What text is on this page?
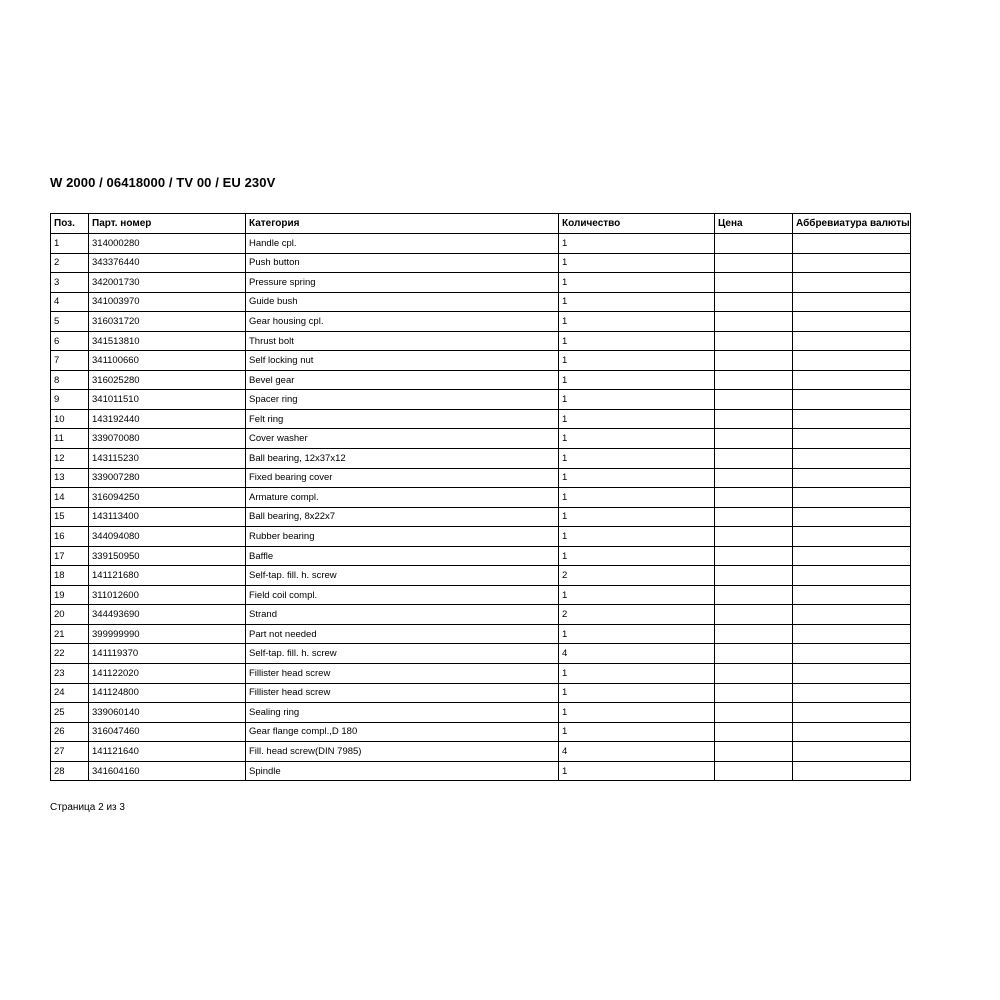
W 2000 / 06418000 / TV 00 / EU 230V
Поз.	Парт. номер	Категория	Количество	Цена	Аббревиатура валюты
1	314000280	Handle cpl.	1		
2	343376440	Push button	1		
3	342001730	Pressure spring	1		
4	341003970	Guide bush	1		
5	316031720	Gear housing cpl.	1		
6	341513810	Thrust bolt	1		
7	341100660	Self locking nut	1		
8	316025280	Bevel gear	1		
9	341011510	Spacer ring	1		
10	143192440	Felt ring	1		
11	339070080	Cover washer	1		
12	143115230	Ball bearing, 12x37x12	1		
13	339007280	Fixed bearing cover	1		
14	316094250	Armature compl.	1		
15	143113400	Ball bearing, 8x22x7	1		
16	344094080	Rubber bearing	1		
17	339150950	Baffle	1		
18	141121680	Self-tap. fill. h. screw	2		
19	311012600	Field coil compl.	1		
20	344493690	Strand	2		
21	399999990	Part not needed	1		
22	141119370	Self-tap. fill. h. screw	4		
23	141122020	Fillister head screw	1		
24	141124800	Fillister head screw	1		
25	339060140	Sealing ring	1		
26	316047460	Gear flange compl.,D 180	1		
27	141121640	Fill. head screw(DIN 7985)	4		
28	341604160	Spindle	1		
Страница 2 из 3
